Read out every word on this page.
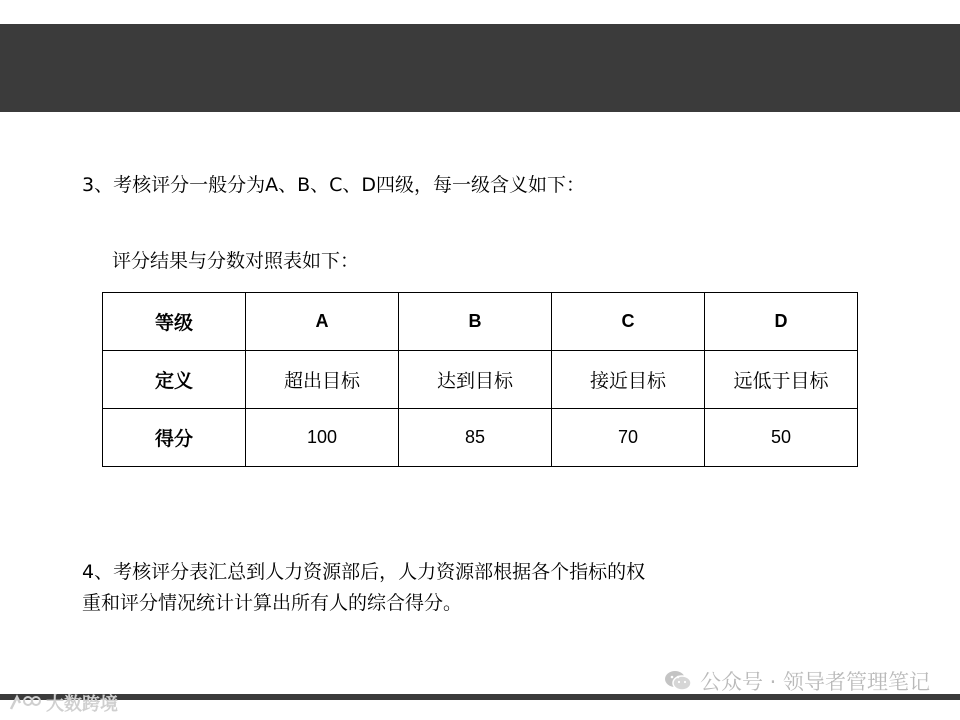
3、考核评分一般分为A、B、C、D四级，每一级含义如下：
评分结果与分数对照表如下：
等级	A	B	C	D
定义	超出目标	达到目标	接近目标	远低于目标
得分	100	85	70	50
4、考核评分表汇总到人力资源部后，人力资源部根据各个指标的权
重和评分情况统计计算出所有人的综合得分。
公众号 · 领导者管理笔记
大数跨境
